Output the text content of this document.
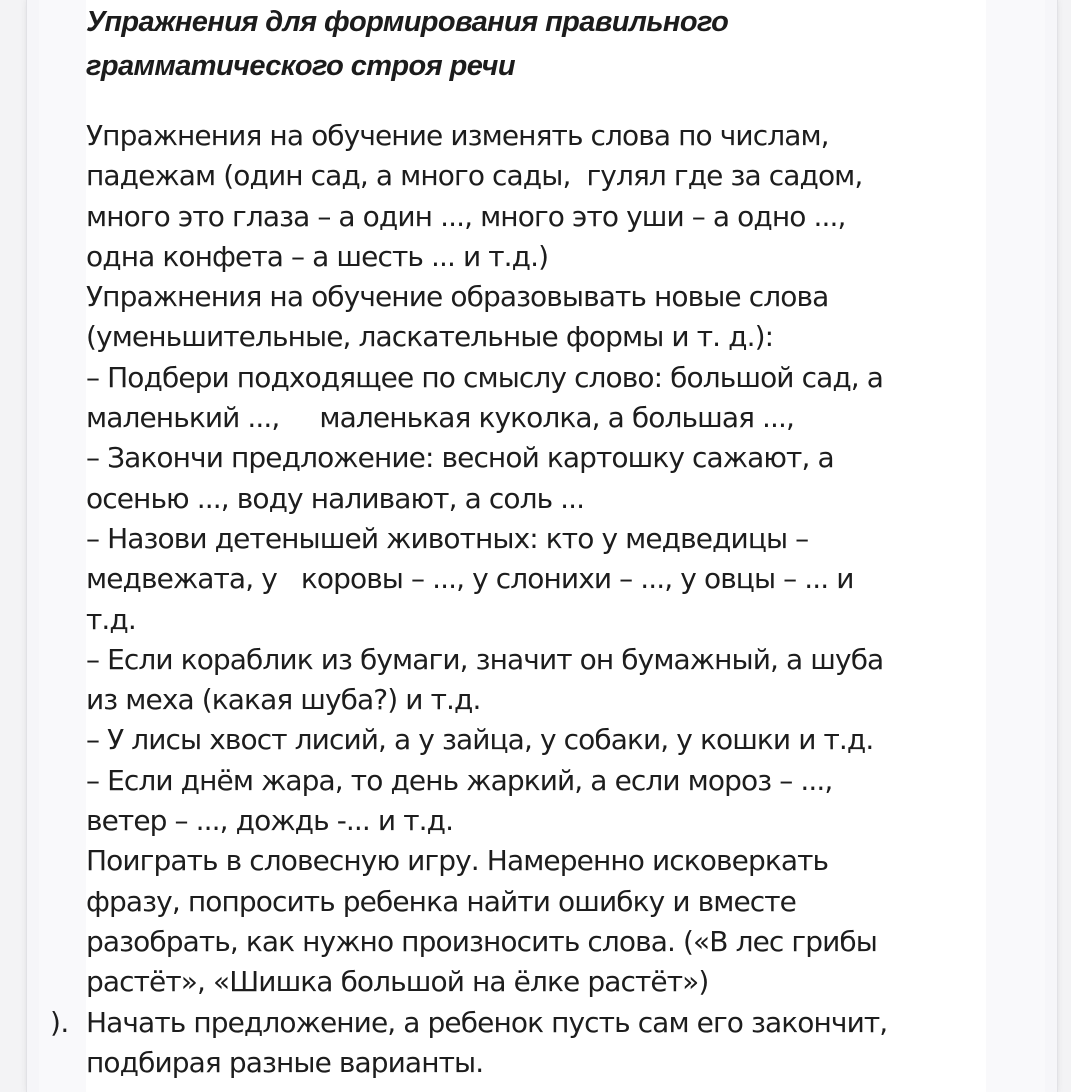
Упражнения для формирования правильного
грамматического строя речи
Упражнения на обучение изменять слова по числам,
падежам (один сад, а много сады,  гулял где за садом,
много это глаза – а один ..., много это уши – а одно ...,
одна конфета – а шесть ... и т.д.)
Упражнения на обучение образовывать новые слова
(уменьшительные, ласкательные формы и т. д.):
– Подбери подходящее по смыслу слово: большой сад, а
маленький ...,     маленькая куколка, а большая ...,
– Закончи предложение: весной картошку сажают, а
осенью ..., воду наливают, а соль ...
– Назови детенышей животных: кто у медведицы –
медвежата, у   коровы – ..., у слонихи – ..., у овцы – ... и
т.д.
– Если кораблик из бумаги, значит он бумажный, а шуба
из меха (какая шуба?) и т.д.
– У лисы хвост лисий, а у зайца, у собаки, у кошки и т.д.
– Если днём жара, то день жаркий, а если мороз – ...,
ветер – ..., дождь -... и т.д.
Поиграть в словесную игру. Намеренно исковеркать
фразу, попросить ребенка найти ошибку и вместе
разобрать, как нужно произносить слова. («В лес грибы
растёт», «Шишка большой на ёлке растёт»)
Начать предложение, а ребенок пусть сам его закончит,
подбирая разные варианты.
).
